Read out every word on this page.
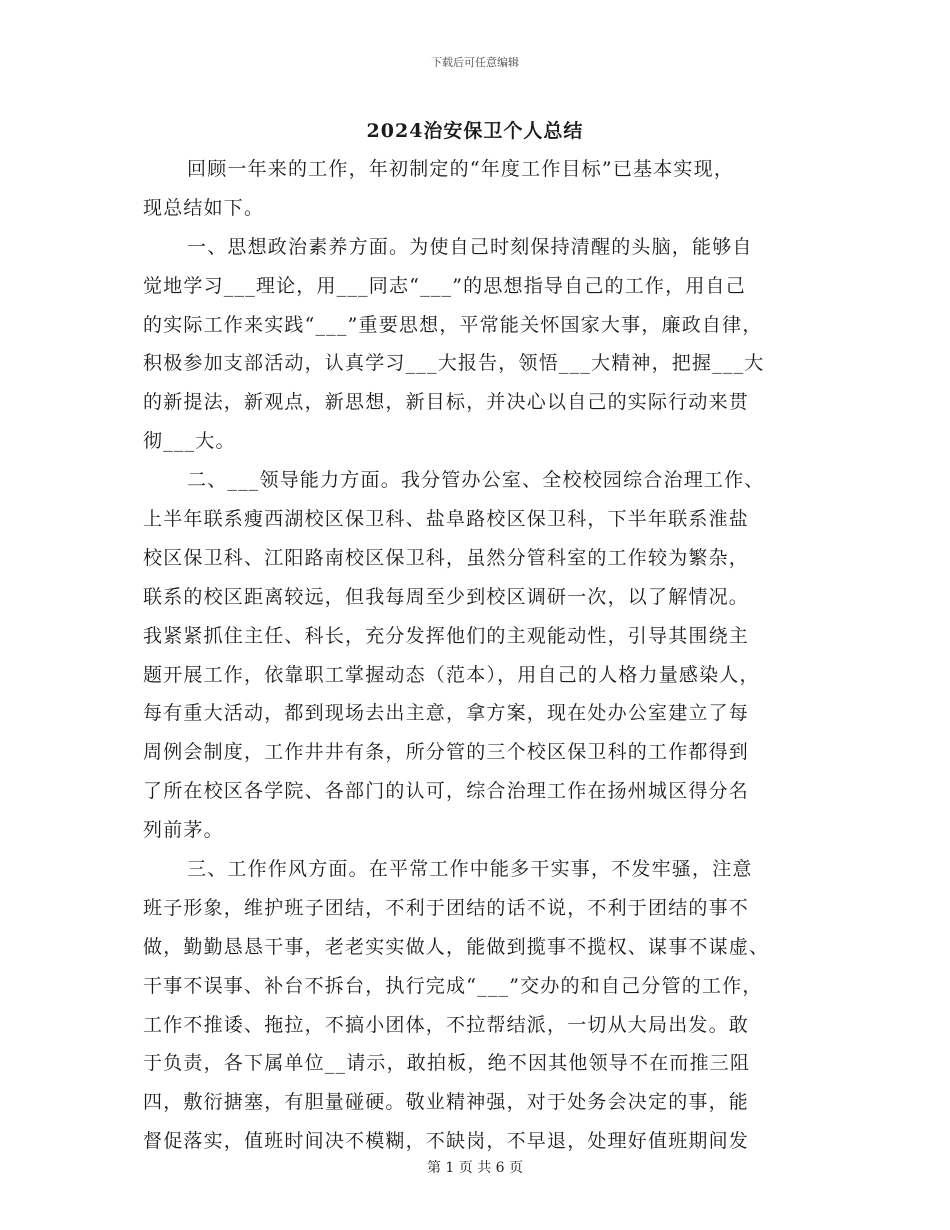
下载后可任意编辑
2024治安保卫个人总结
回顾一年来的工作，年初制定的“年度工作目标”已基本实现，
现总结如下。
一、思想政治素养方面。为使自己时刻保持清醒的头脑，能够自
觉地学习___理论，用___同志“___”的思想指导自己的工作，用自己
的实际工作来实践“___”重要思想，平常能关怀国家大事，廉政自律，
积极参加支部活动，认真学习___大报告，领悟___大精神，把握___大
的新提法，新观点，新思想，新目标，并决心以自己的实际行动来贯
彻___大。
二、___领导能力方面。我分管办公室、全校校园综合治理工作、
上半年联系瘦西湖校区保卫科、盐阜路校区保卫科，下半年联系淮盐
校区保卫科、江阳路南校区保卫科，虽然分管科室的工作较为繁杂，
联系的校区距离较远，但我每周至少到校区调研一次，以了解情况。
我紧紧抓住主任、科长，充分发挥他们的主观能动性，引导其围绕主
题开展工作，依靠职工掌握动态（范本），用自己的人格力量感染人，
每有重大活动，都到现场去出主意，拿方案，现在处办公室建立了每
周例会制度，工作井井有条，所分管的三个校区保卫科的工作都得到
了所在校区各学院、各部门的认可，综合治理工作在扬州城区得分名
列前茅。
三、工作作风方面。在平常工作中能多干实事，不发牢骚，注意
班子形象，维护班子团结，不利于团结的话不说，不利于团结的事不
做，勤勤恳恳干事，老老实实做人，能做到揽事不揽权、谋事不谋虚、
干事不误事、补台不拆台，执行完成“___”交办的和自己分管的工作，
工作不推诿、拖拉，不搞小团体，不拉帮结派，一切从大局出发。敢
于负责，各下属单位__请示，敢拍板，绝不因其他领导不在而推三阻
四，敷衍搪塞，有胆量碰硬。敬业精神强，对于处务会决定的事，能
督促落实，值班时间决不模糊，不缺岗，不早退，处理好值班期间发
第 1 页 共 6 页
